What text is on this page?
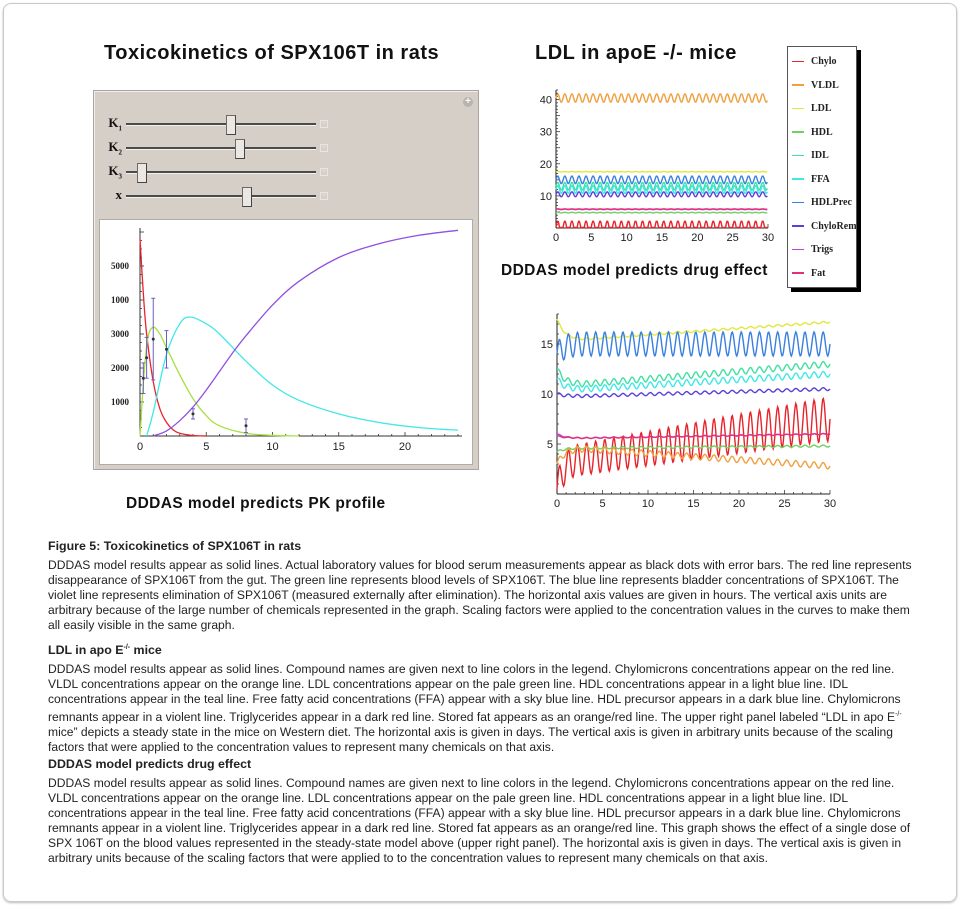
Toxicokinetics of SPX106T in rats	LDL in apoE -/- mice
+
$K_1$
+
$K_2$
+
$K_3$
+
x	+
0	5	10	15	20
5000
1000
3000
2000
1000
DDDAS model predicts PK profile
0	5 10 15 20 25 30
10
20
30
40
DDDAS model predicts drug effect
Chylo
VLDL
LDL
HDL
IDL
FFA
HDLPrec
ChyloRem
Trigs
Fat
0	5	10	15	20	25	30
5
10
15
Figure 5: Toxicokinetics of SPX106T in rats

DDDAS model results appear as solid lines. Actual laboratory values for blood serum measurements appear as black dots with error bars. The red line represents disappearance of SPX106T from the gut. The green line represents blood levels of SPX106T. The blue line represents bladder concentrations of SPX106T. The violet line represents elimination of SPX106T (measured externally after elimination). The horizontal axis values are given in hours. The vertical axis units are arbitrary because of the large number of chemicals represented in the graph. Scaling factors were applied to the concentration values in the curves to make them all easily visible in the same graph.

LDL in apo E-/- mice

DDDAS model results appear as solid lines. Compound names are given next to line colors in the legend. Chylomicrons concentrations appear on the red line. VLDL concentrations appear on the orange line. LDL concentrations appear on the pale green line. HDL concentrations appear in a light blue line. IDL concentrations appear in the teal line. Free fatty acid concentrations (FFA) appear with a sky blue line. HDL precursor appears in a dark blue line. Chylomicrons remnants appear in a violent line. Triglycerides appear in a dark red line. Stored fat appears as an orange/red line. The upper right panel labeled “LDL in apo E-/- mice” depicts a steady state in the mice on Western diet. The horizontal axis is given in days. The vertical axis is given in arbitrary units because of the scaling factors that were applied to the concentration values to represent many chemicals on that axis.

DDDAS model predicts drug effect

DDDAS model results appear as solid lines. Compound names are given next to line colors in the legend. Chylomicrons concentrations appear on the red line. VLDL concentrations appear on the orange line. LDL concentrations appear on the pale green line. HDL concentrations appear in a light blue line. IDL concentrations appear in the teal line. Free fatty acid concentrations (FFA) appear with a sky blue line. HDL precursor appears in a dark blue line. Chylomicrons remnants appear in a violent line. Triglycerides appear in a dark red line. Stored fat appears as an orange/red line. This graph shows the effect of a single dose of SPX 106T on the blood values represented in the steady-state model above (upper right panel). The horizontal axis is given in days. The vertical axis is given in arbitrary units because of the scaling factors that were applied to to the concentration values to represent many chemicals on that axis.
